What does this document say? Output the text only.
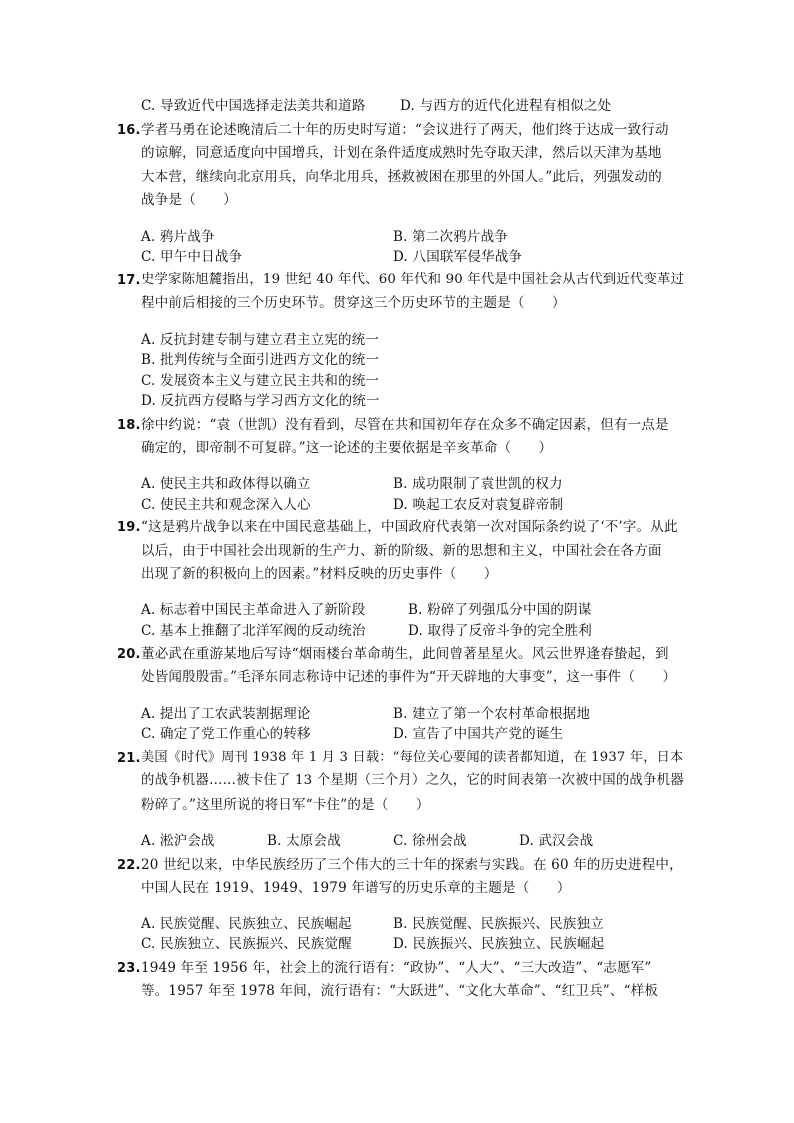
C. 导致近代中国选择走法美共和道路	D. 与西方的近代化进程有相似之处
16. 学者马勇在论述晚清后二十年的历史时写道：“会议进行了两天，他们终于达成一致行动
的谅解，同意适度向中国增兵，计划在条件适度成熟时先夺取天津，然后以天津为基地
大本营，继续向北京用兵，向华北用兵，拯救被困在那里的外国人。”此后，列强发动的
战争是（　　）
A. 鸦片战争	B. 第二次鸦片战争
C. 甲午中日战争	D. 八国联军侵华战争
17. 史学家陈旭麓指出，19 世纪 40 年代、60 年代和 90 年代是中国社会从古代到近代变革过
程中前后相接的三个历史环节。贯穿这三个历史环节的主题是（　　）
A. 反抗封建专制与建立君主立宪的统一
B. 批判传统与全面引进西方文化的统一
C. 发展资本主义与建立民主共和的统一
D. 反抗西方侵略与学习西方文化的统一
18. 徐中约说：“袁（世凯）没有看到，尽管在共和国初年存在众多不确定因素，但有一点是
确定的，即帝制不可复辟。”这一论述的主要依据是辛亥革命（　　）
A. 使民主共和政体得以确立	B. 成功限制了袁世凯的权力
C. 使民主共和观念深入人心	D. 唤起工农反对袁复辟帝制
19. “这是鸦片战争以来在中国民意基础上，中国政府代表第一次对国际条约说了‘不’字。从此
以后，由于中国社会出现新的生产力、新的阶级、新的思想和主义，中国社会在各方面
出现了新的积极向上的因素。”材料反映的历史事件（　　）
A. 标志着中国民主革命进入了新阶段	B. 粉碎了列强瓜分中国的阴谋
C. 基本上推翻了北洋军阀的反动统治	D. 取得了反帝斗争的完全胜利
20. 董必武在重游某地后写诗“烟雨楼台革命萌生，此间曾著星星火。风云世界逢春蛰起，到
处皆闻殷殷雷。”毛泽东同志称诗中记述的事件为“开天辟地的大事变”，这一事件（　　）
A. 提出了工农武装割据理论	B. 建立了第一个农村革命根据地
C. 确定了党工作重心的转移	D. 宣告了中国共产党的诞生
21. 美国《时代》周刊 1938 年 1 月 3 日载：“每位关心要闻的读者都知道，在 1937 年，日本
的战争机器……被卡住了 13 个星期（三个月）之久，它的时间表第一次被中国的战争机器
粉碎了。”这里所说的将日军“卡住”的是（　　）
A. 淞沪会战	B. 太原会战	C. 徐州会战	D. 武汉会战
22. 20 世纪以来，中华民族经历了三个伟大的三十年的探索与实践。在 60 年的历史进程中，
中国人民在 1919、1949、1979 年谱写的历史乐章的主题是（　　）
A. 民族觉醒、民族独立、民族崛起	B. 民族觉醒、民族振兴、民族独立
C. 民族独立、民族振兴、民族觉醒	D. 民族振兴、民族独立、民族崛起
23. 1949 年至 1956 年，社会上的流行语有：“政协”、“人大”、“三大改造”、“志愿军”
等。1957 年至 1978 年间，流行语有：“大跃进”、“文化大革命”、“红卫兵”、“样板
